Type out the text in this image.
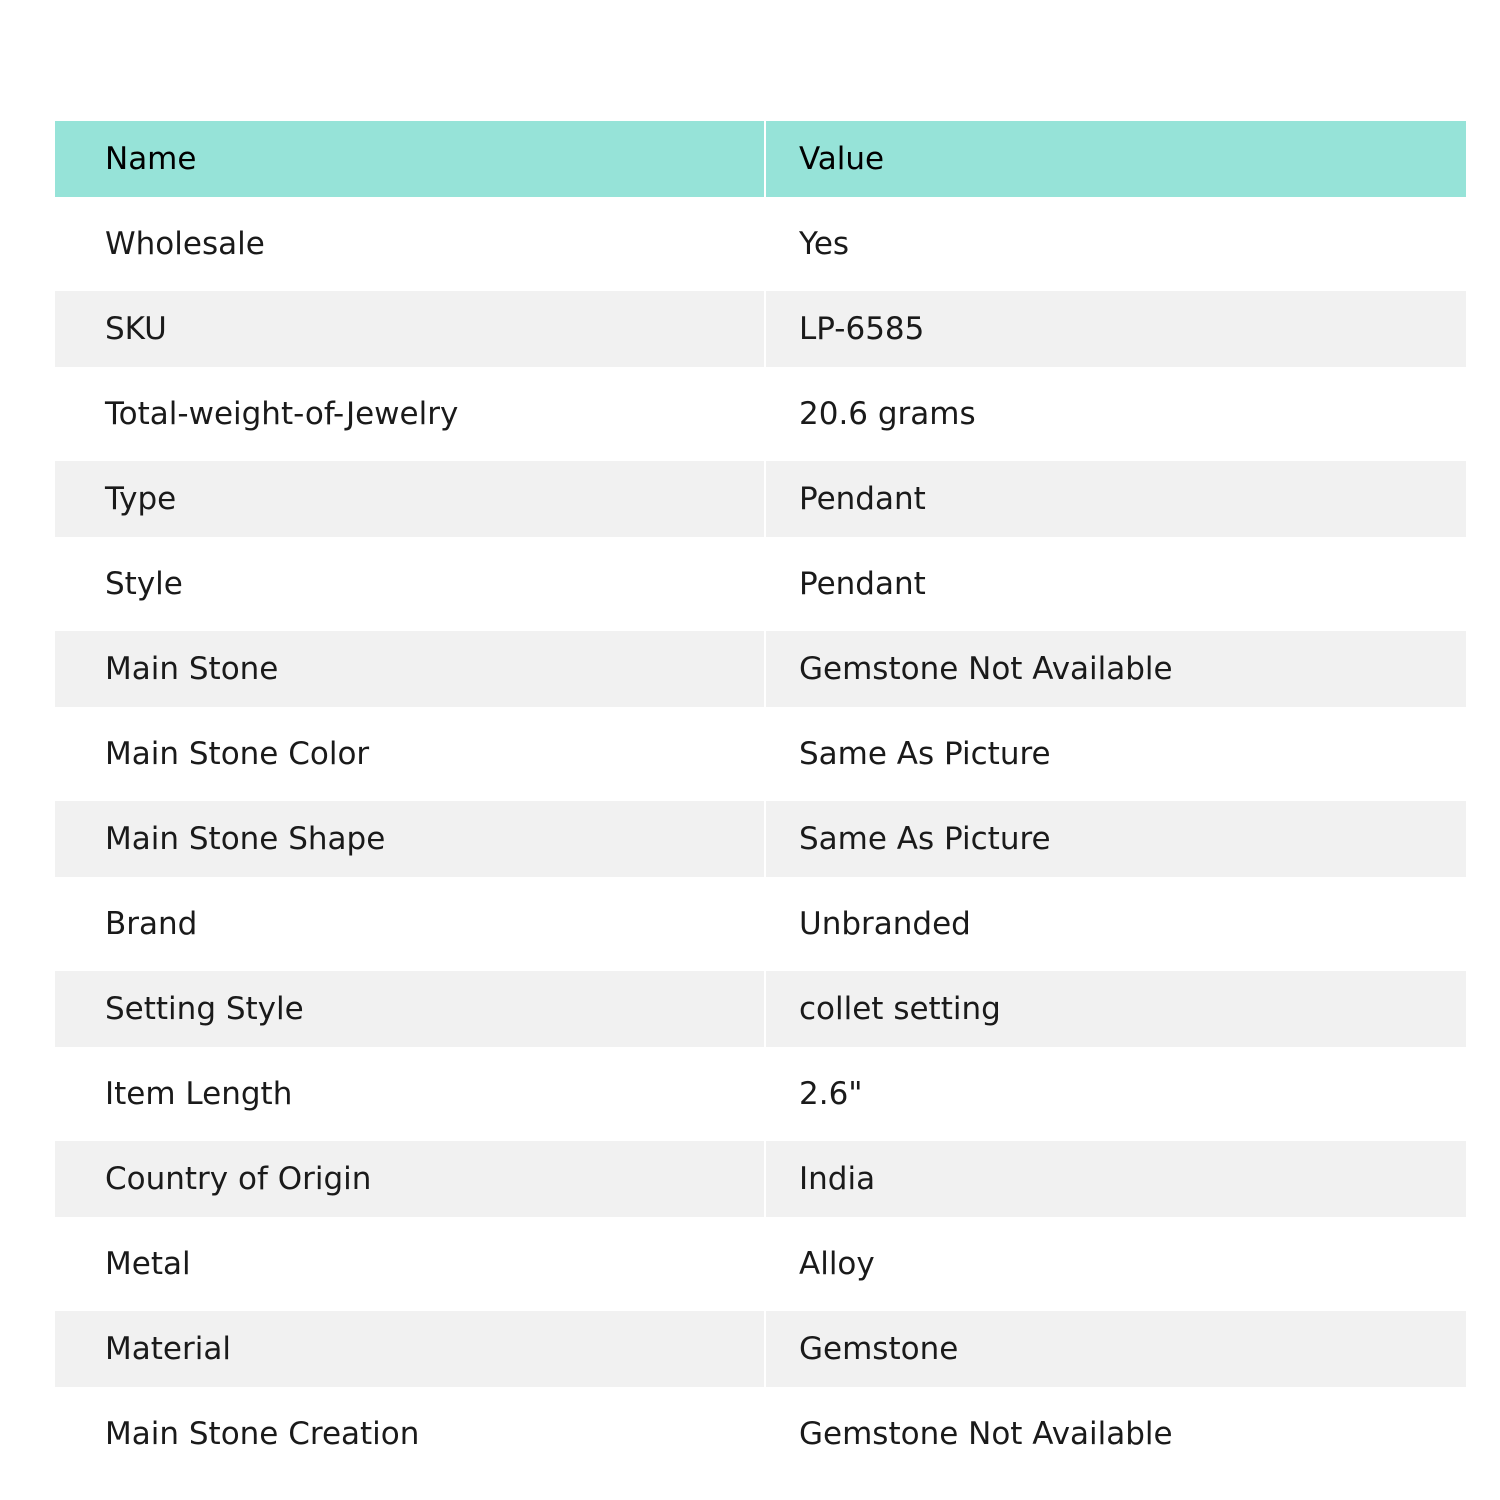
Name	Value
Wholesale	Yes
SKU	LP-6585
Total-weight-of-Jewelry	20.6 grams
Type	Pendant
Style	Pendant
Main Stone	Gemstone Not Available
Main Stone Color	Same As Picture
Main Stone Shape	Same As Picture
Brand	Unbranded
Setting Style	collet setting
Item Length	2.6"
Country of Origin	India
Metal	Alloy
Material	Gemstone
Main Stone Creation	Gemstone Not Available
